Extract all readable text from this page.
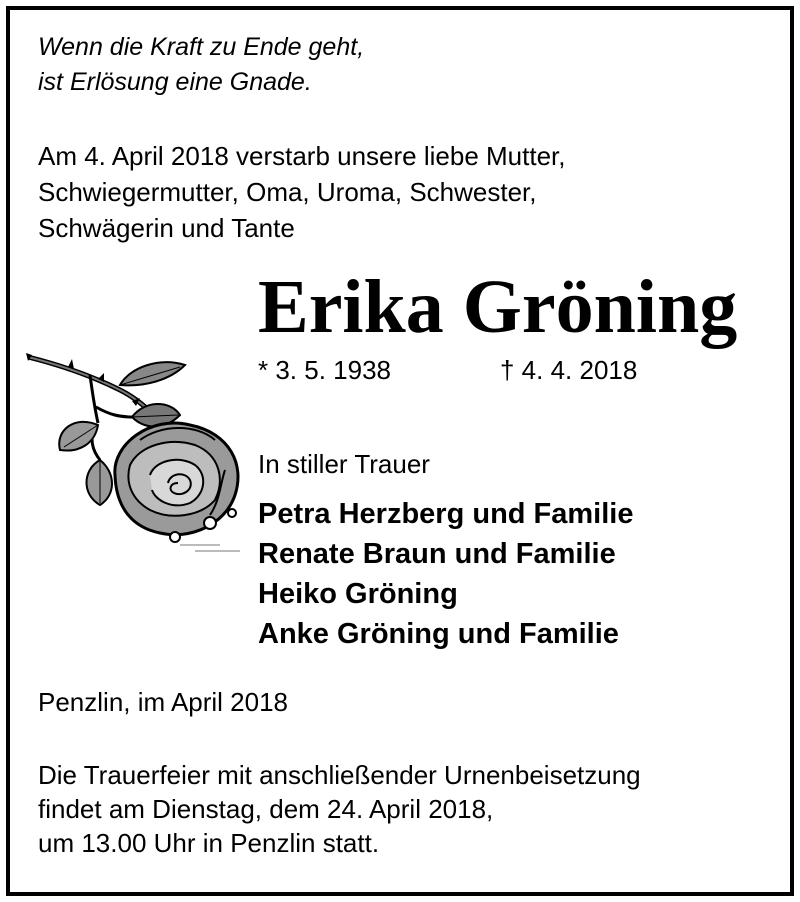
Wenn die Kraft zu Ende geht,
ist Erlösung eine Gnade.
Am 4. April 2018 verstarb unsere liebe Mutter,
Schwiegermutter, Oma, Uroma, Schwester,
Schwägerin und Tante
Erika Gröning
* 3. 5. 1938	† 4. 4. 2018
In stiller Trauer
Petra Herzberg und Familie
Renate Braun und Familie
Heiko Gröning
Anke Gröning und Familie
Penzlin, im April 2018
Die Trauerfeier mit anschließender Urnenbeisetzung
findet am Dienstag, dem 24. April 2018,
um 13.00 Uhr in Penzlin statt.
